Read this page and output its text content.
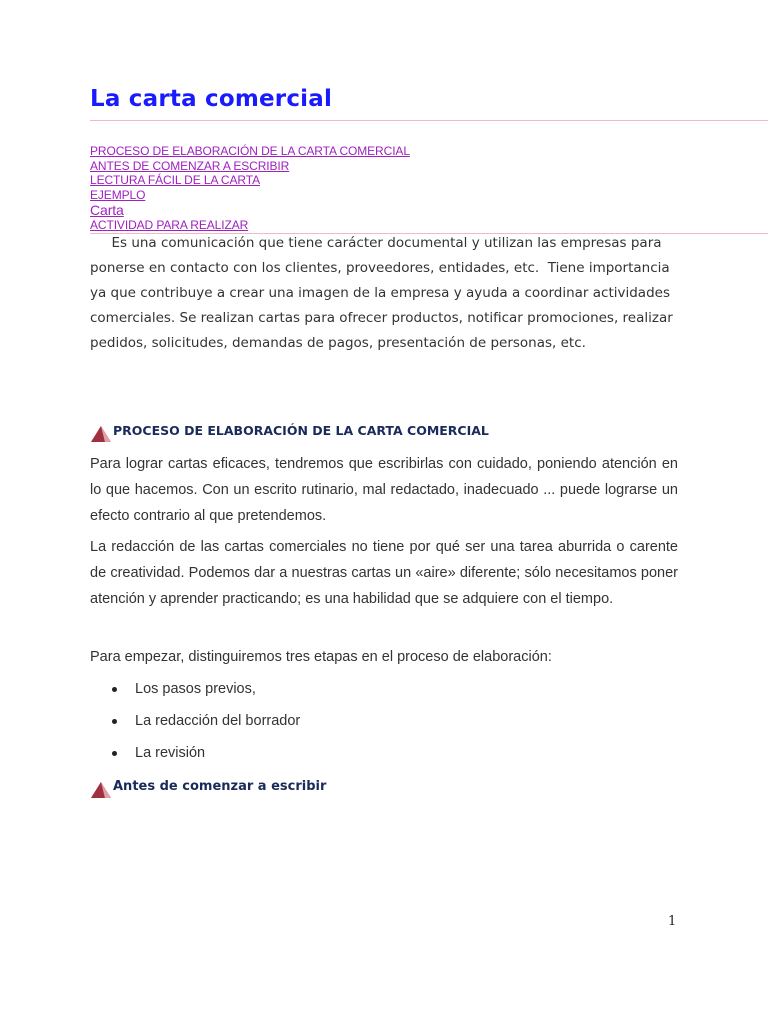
La carta comercial
PROCESO DE ELABORACIÓN DE LA CARTA COMERCIAL
ANTES DE COMENZAR A ESCRIBIR
LECTURA FÁCIL DE LA CARTA
EJEMPLO
Carta
ACTIVIDAD PARA REALIZAR

Es una comunicación que tiene carácter documental y utilizan las empresas para ponerse en contacto con los clientes, proveedores, entidades, etc.  Tiene importancia ya que contribuye a crear una imagen de la empresa y ayuda a coordinar actividades comerciales. Se realizan cartas para ofrecer productos, notificar promociones, realizar pedidos, solicitudes, demandas de pagos, presentación de personas, etc.

PROCESO DE ELABORACIÓN DE LA CARTA COMERCIAL

Para lograr cartas eficaces, tendremos que escribirlas con cuidado, poniendo atención en lo que hacemos. Con un escrito rutinario, mal redactado, inadecuado ... puede lograrse un efecto contrario al que pretendemos.

La redacción de las cartas comerciales no tiene por qué ser una tarea aburrida o carente de creatividad. Podemos dar a nuestras cartas un «aire» diferente; sólo necesitamos poner atención y aprender practicando; es una habilidad que se adquiere con el tiempo.

Para empezar, distinguiremos tres etapas en el proceso de elaboración:

Los pasos previos,
La redacción del borrador
La revisión
Antes de comenzar a escribir

1
